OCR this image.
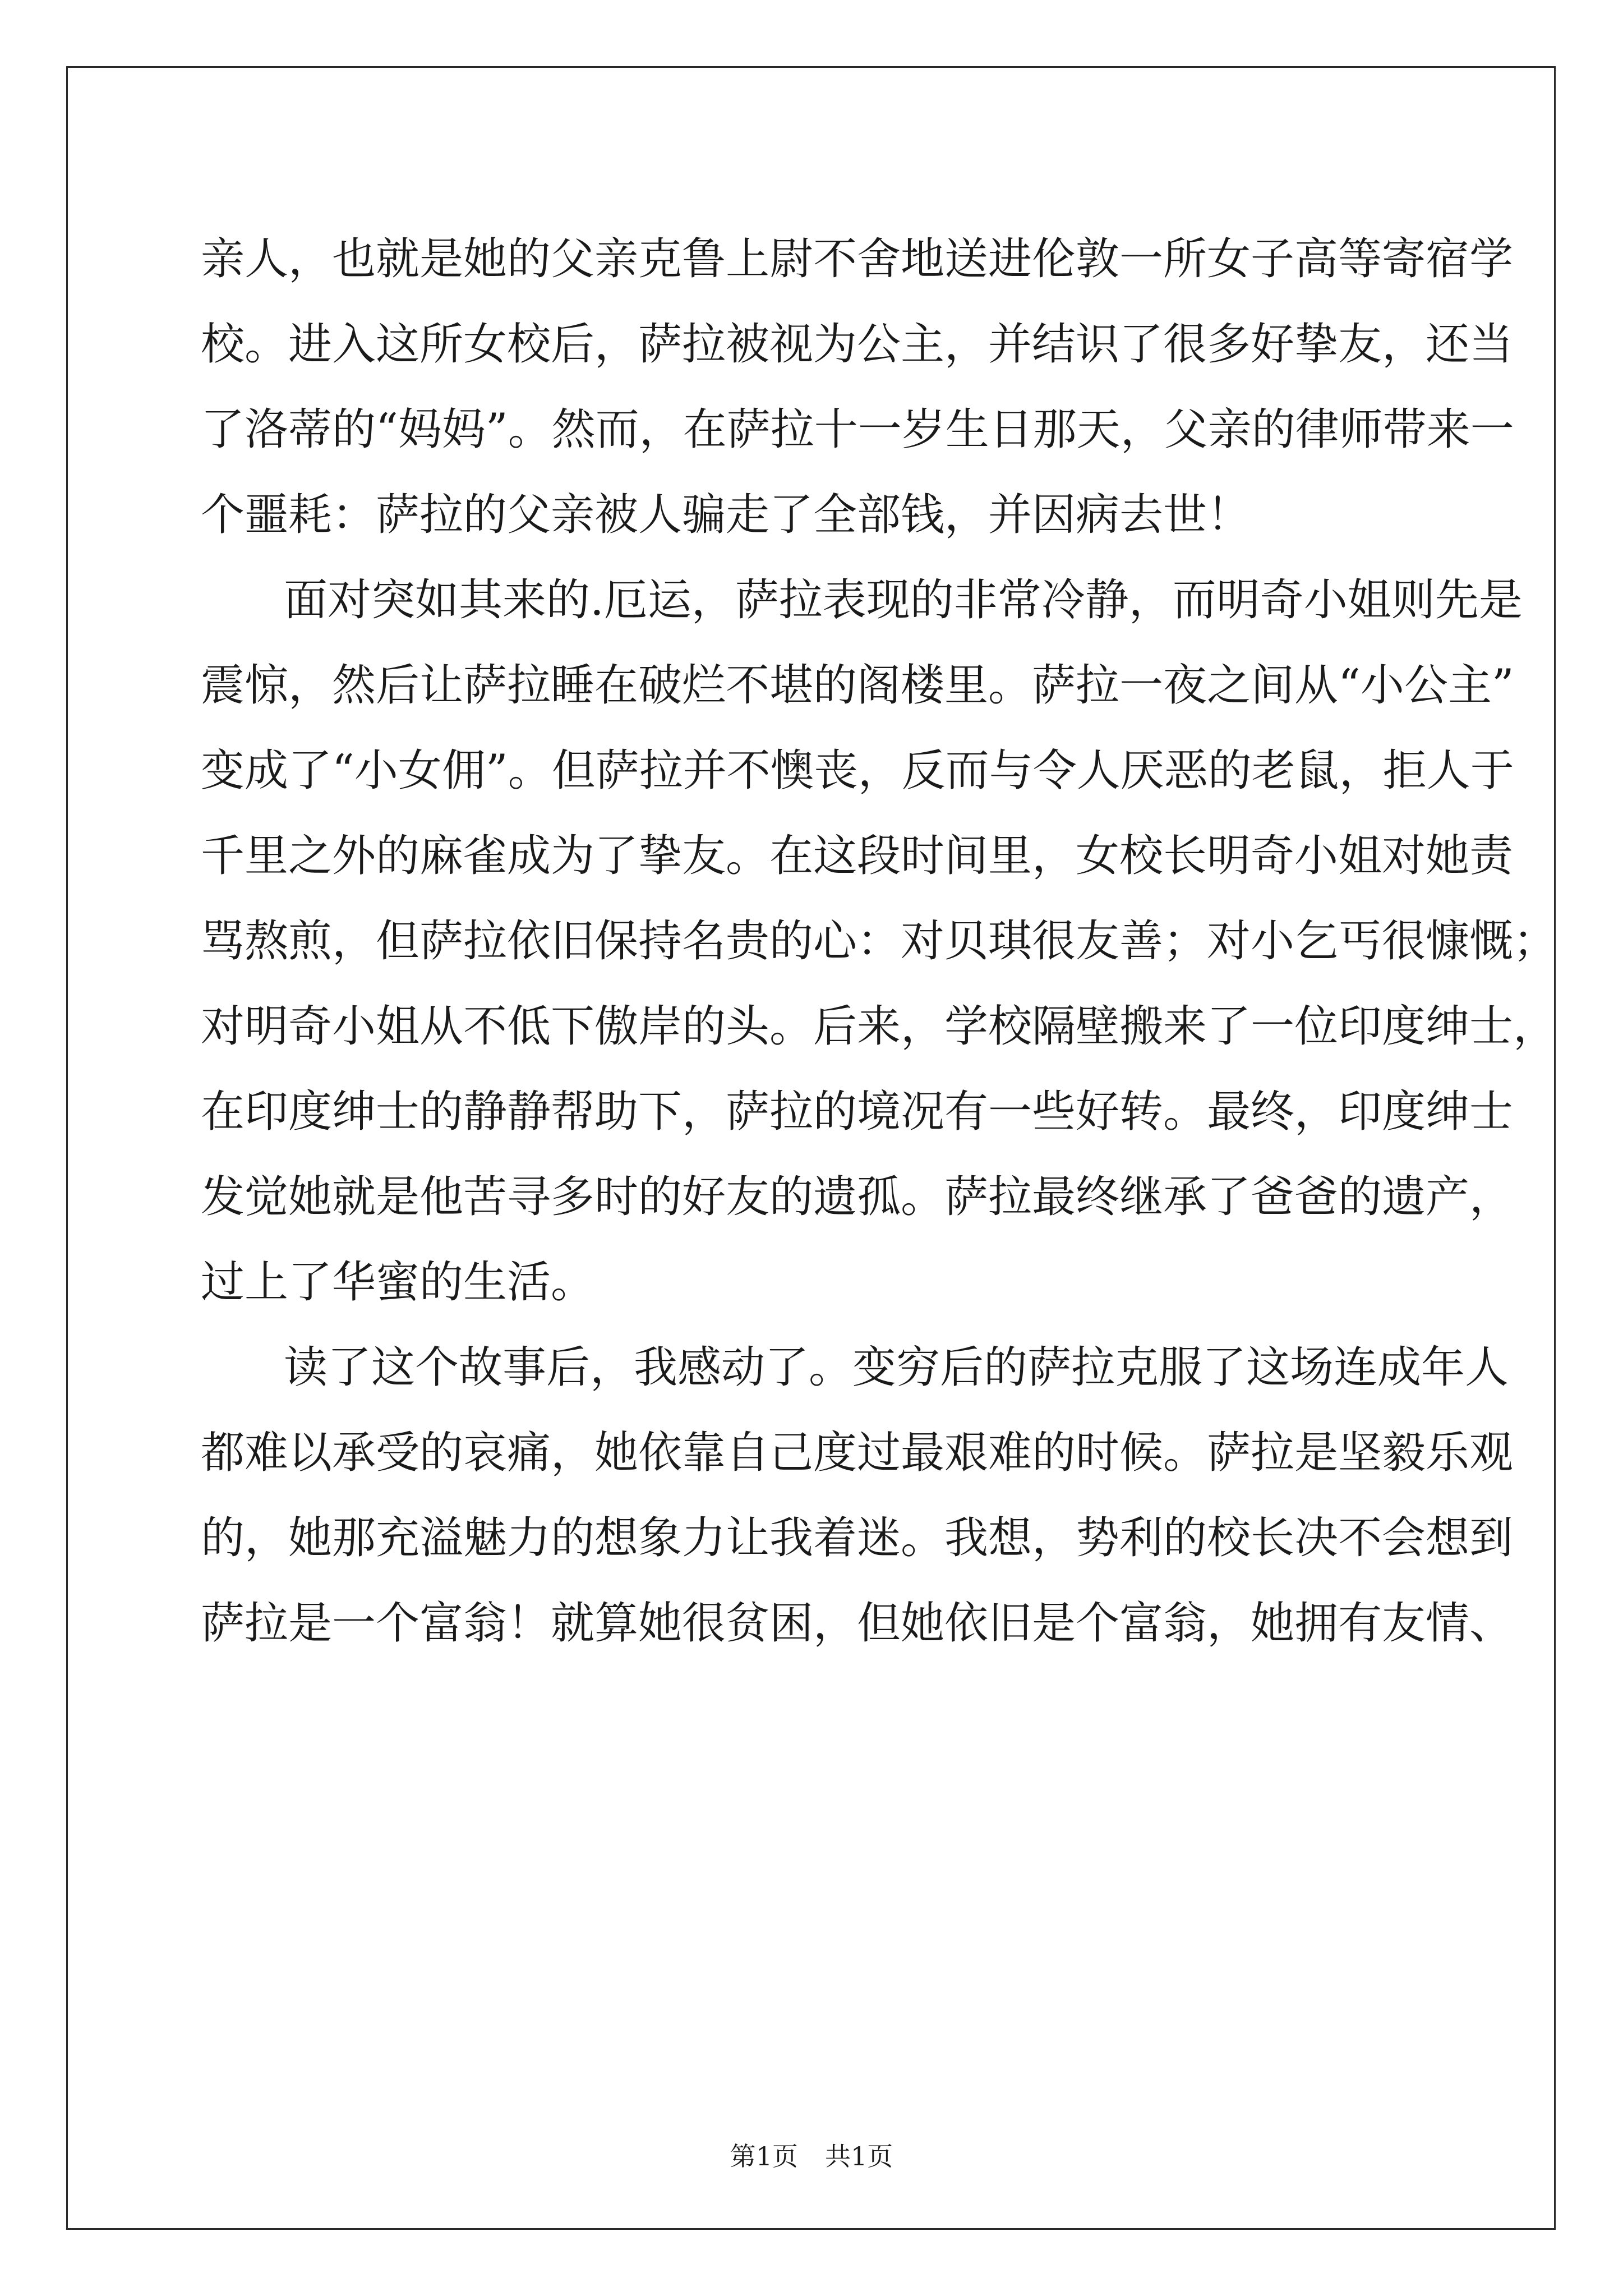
亲人，也就是她的父亲克鲁上尉不舍地送进伦敦一所女子高等寄宿学
校。进入这所女校后，萨拉被视为公主，并结识了很多好挚友，还当
了洛蒂的“妈妈”。然而，在萨拉十一岁生日那天，父亲的律师带来一
个噩耗：萨拉的父亲被人骗走了全部钱，并因病去世！
面对突如其来的.厄运，萨拉表现的非常冷静，而明奇小姐则先是
震惊，然后让萨拉睡在破烂不堪的阁楼里。萨拉一夜之间从“小公主”
变成了“小女佣”。但萨拉并不懊丧，反而与令人厌恶的老鼠，拒人于
千里之外的麻雀成为了挚友。在这段时间里，女校长明奇小姐对她责
骂熬煎，但萨拉依旧保持名贵的心：对贝琪很友善；对小乞丐很慷慨；
对明奇小姐从不低下傲岸的头。后来，学校隔壁搬来了一位印度绅士，
在印度绅士的静静帮助下，萨拉的境况有一些好转。最终，印度绅士
发觉她就是他苦寻多时的好友的遗孤。萨拉最终继承了爸爸的遗产，
过上了华蜜的生活。
读了这个故事后，我感动了。变穷后的萨拉克服了这场连成年人
都难以承受的哀痛，她依靠自己度过最艰难的时候。萨拉是坚毅乐观
的，她那充溢魅力的想象力让我着迷。我想，势利的校长决不会想到
萨拉是一个富翁！就算她很贫困，但她依旧是个富翁，她拥有友情、
第1页 共1页
